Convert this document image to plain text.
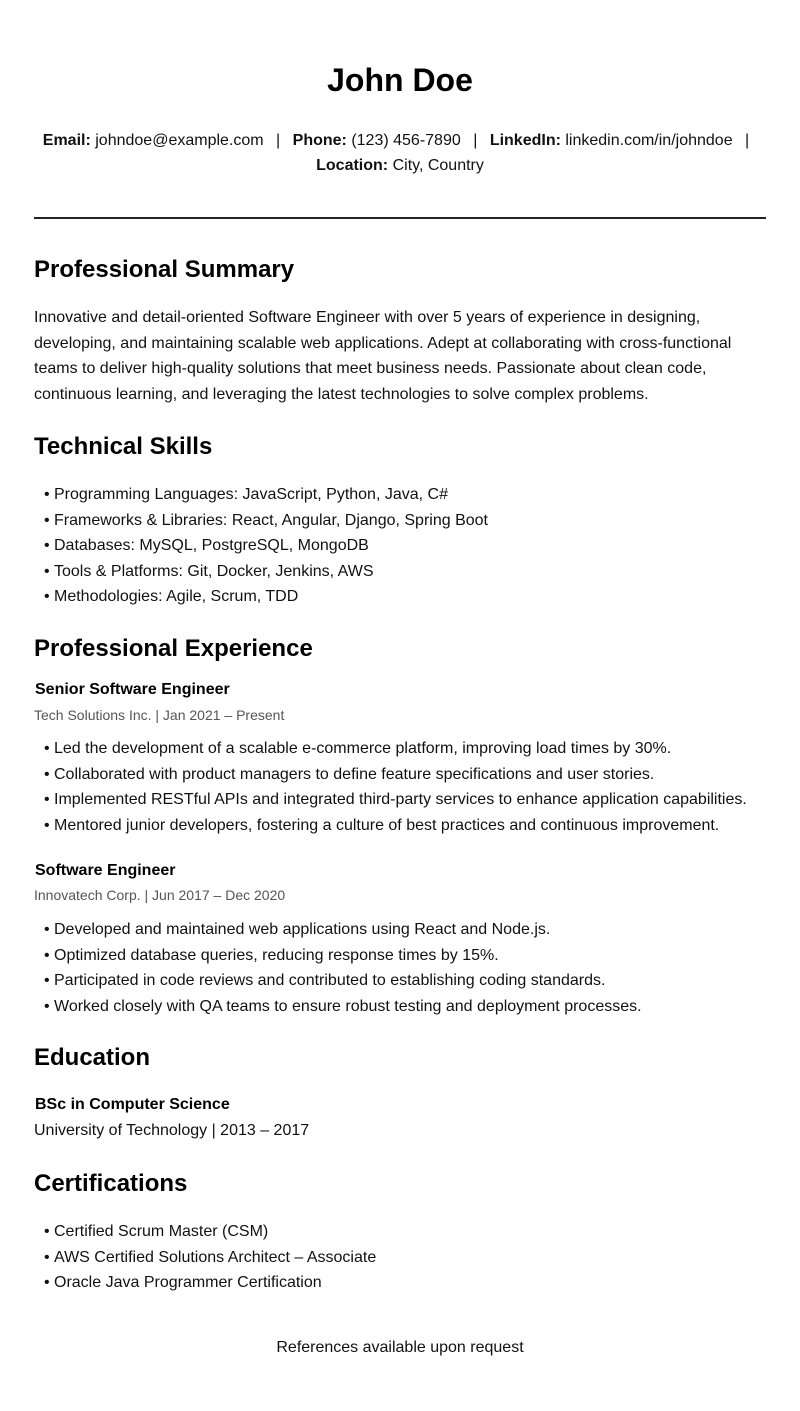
John Doe
Email: johndoe@example.com | Phone: (123) 456-7890 | LinkedIn: linkedin.com/in/johndoe |
Location: City, Country
Professional Summary

Innovative and detail-oriented Software Engineer with over 5 years of experience in designing, developing, and maintaining scalable web applications. Adept at collaborating with cross-functional teams to deliver high-quality solutions that meet business needs. Passionate about clean code, continuous learning, and leveraging the latest technologies to solve complex problems.

Technical Skills
• Programming Languages: JavaScript, Python, Java, C#
• Frameworks & Libraries: React, Angular, Django, Spring Boot
• Databases: MySQL, PostgreSQL, MongoDB
• Tools & Platforms: Git, Docker, Jenkins, AWS
• Methodologies: Agile, Scrum, TDD
Professional Experience
Senior Software Engineer
Tech Solutions Inc. | Jan 2021 – Present
• Led the development of a scalable e-commerce platform, improving load times by 30%.
• Collaborated with product managers to define feature specifications and user stories.
• Implemented RESTful APIs and integrated third-party services to enhance application capabilities.
• Mentored junior developers, fostering a culture of best practices and continuous improvement.
Software Engineer
Innovatech Corp. | Jun 2017 – Dec 2020
• Developed and maintained web applications using React and Node.js.
• Optimized database queries, reducing response times by 15%.
• Participated in code reviews and contributed to establishing coding standards.
• Worked closely with QA teams to ensure robust testing and deployment processes.
Education
BSc in Computer Science
University of Technology | 2013 – 2017
Certifications
• Certified Scrum Master (CSM)
• AWS Certified Solutions Architect – Associate
• Oracle Java Programmer Certification
References available upon request
